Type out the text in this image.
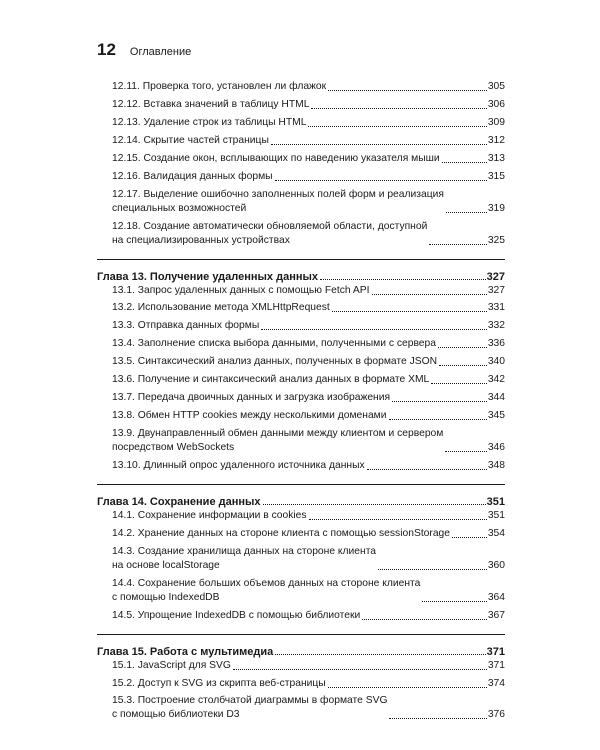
12 Оглавление
12.11. Проверка того, установлен ли флажок	305
12.12. Вставка значений в таблицу HTML	306
12.13. Удаление строк из таблицы HTML	309
12.14. Скрытие частей страницы	312
12.15. Создание окон, всплывающих по наведению указателя мыши	313
12.16. Валидация данных формы	315
12.17. Выделение ошибочно заполненных полей форм и реализация
специальных возможностей	319
12.18. Создание автоматически обновляемой области, доступной
на специализированных устройствах	325
Глава 13. Получение удаленных данных	327
13.1. Запрос удаленных данных с помощью Fetch API	327
13.2. Использование метода XMLHttpRequest	331
13.3. Отправка данных формы	332
13.4. Заполнение списка выбора данными, полученными с сервера	336
13.5. Синтаксический анализ данных, полученных в формате JSON	340
13.6. Получение и синтаксический анализ данных в формате XML	342
13.7. Передача двоичных данных и загрузка изображения	344
13.8. Обмен HTTP cookies между несколькими доменами	345
13.9. Двунаправленный обмен данными между клиентом и сервером
посредством WebSockets	346
13.10. Длинный опрос удаленного источника данных	348
Глава 14. Сохранение данных	351
14.1. Сохранение информации в cookies	351
14.2. Хранение данных на стороне клиента с помощью sessionStorage	354
14.3. Создание хранилища данных на стороне клиента
на основе localStorage	360
14.4. Сохранение больших объемов данных на стороне клиента
с помощью IndexedDB	364
14.5. Упрощение IndexedDB с помощью библиотеки	367
Глава 15. Работа с мультимедиа	371
15.1. JavaScript для SVG	371
15.2. Доступ к SVG из скрипта веб-страницы	374
15.3. Построение столбчатой диаграммы в формате SVG
с помощью библиотеки D3	376
